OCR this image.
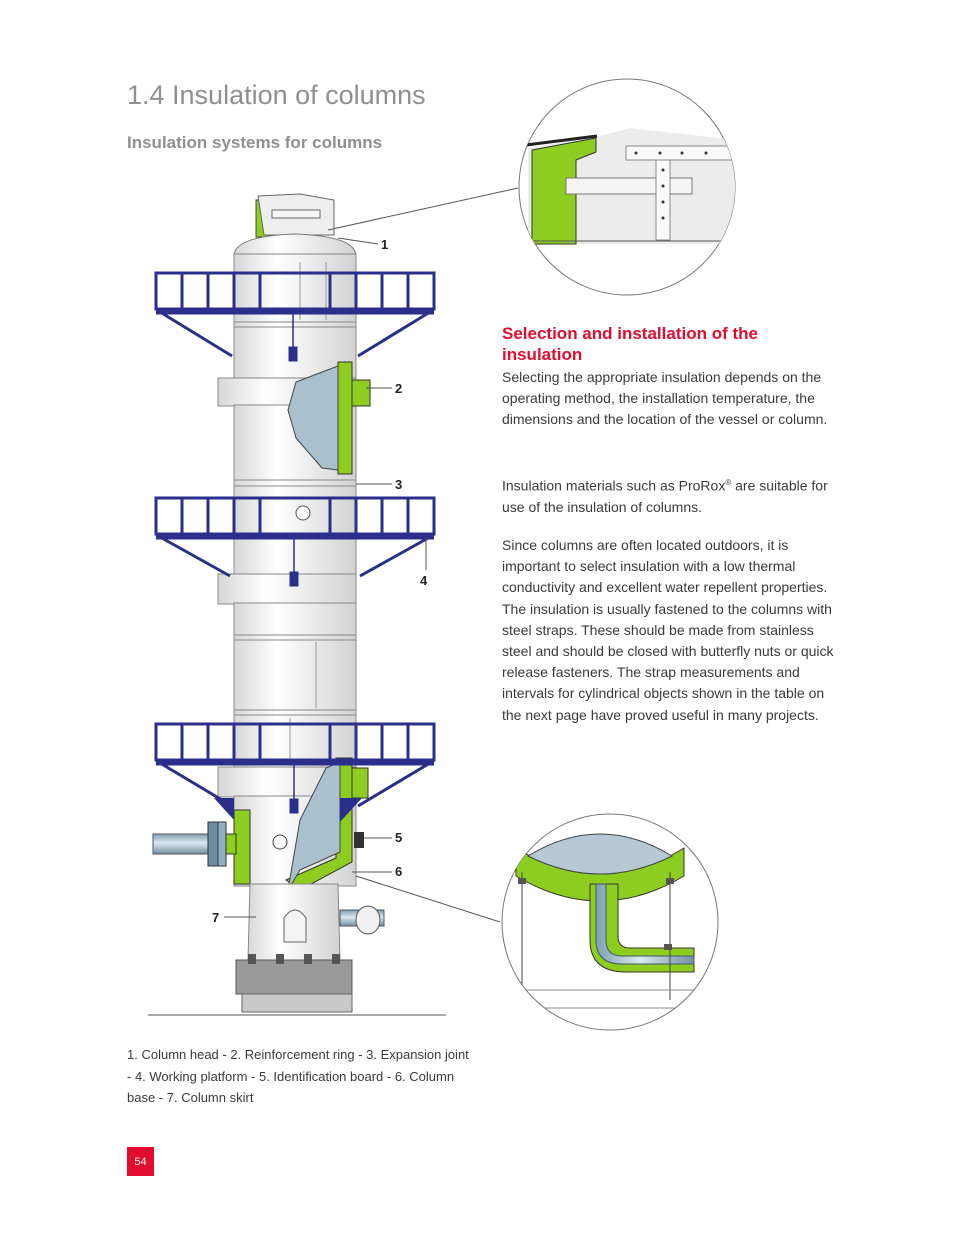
1.4 Insulation of columns
Insulation systems for columns
Selection and installation of the insulation
Selecting the appropriate insulation depends on the operating method, the installation temperature, the dimensions and the location of the vessel or column.
Insulation materials such as ProRox® are suitable for use of the insulation of columns.
Since columns are often located outdoors, it is important to select insulation with a low thermal conductivity and excellent water repellent properties. The insulation is usually fastened to the columns with steel straps. These should be made from stainless steel and should be closed with butterfly nuts or quick release fasteners. The strap measurements and intervals for cylindrical objects shown in the table on the next page have proved useful in many projects.
1. Column head - 2. Reinforcement ring - 3. Expansion joint - 4. Working platform - 5. Identification board - 6. Column base - 7. Column skirt
54
1
2
3
4
5
6
7
